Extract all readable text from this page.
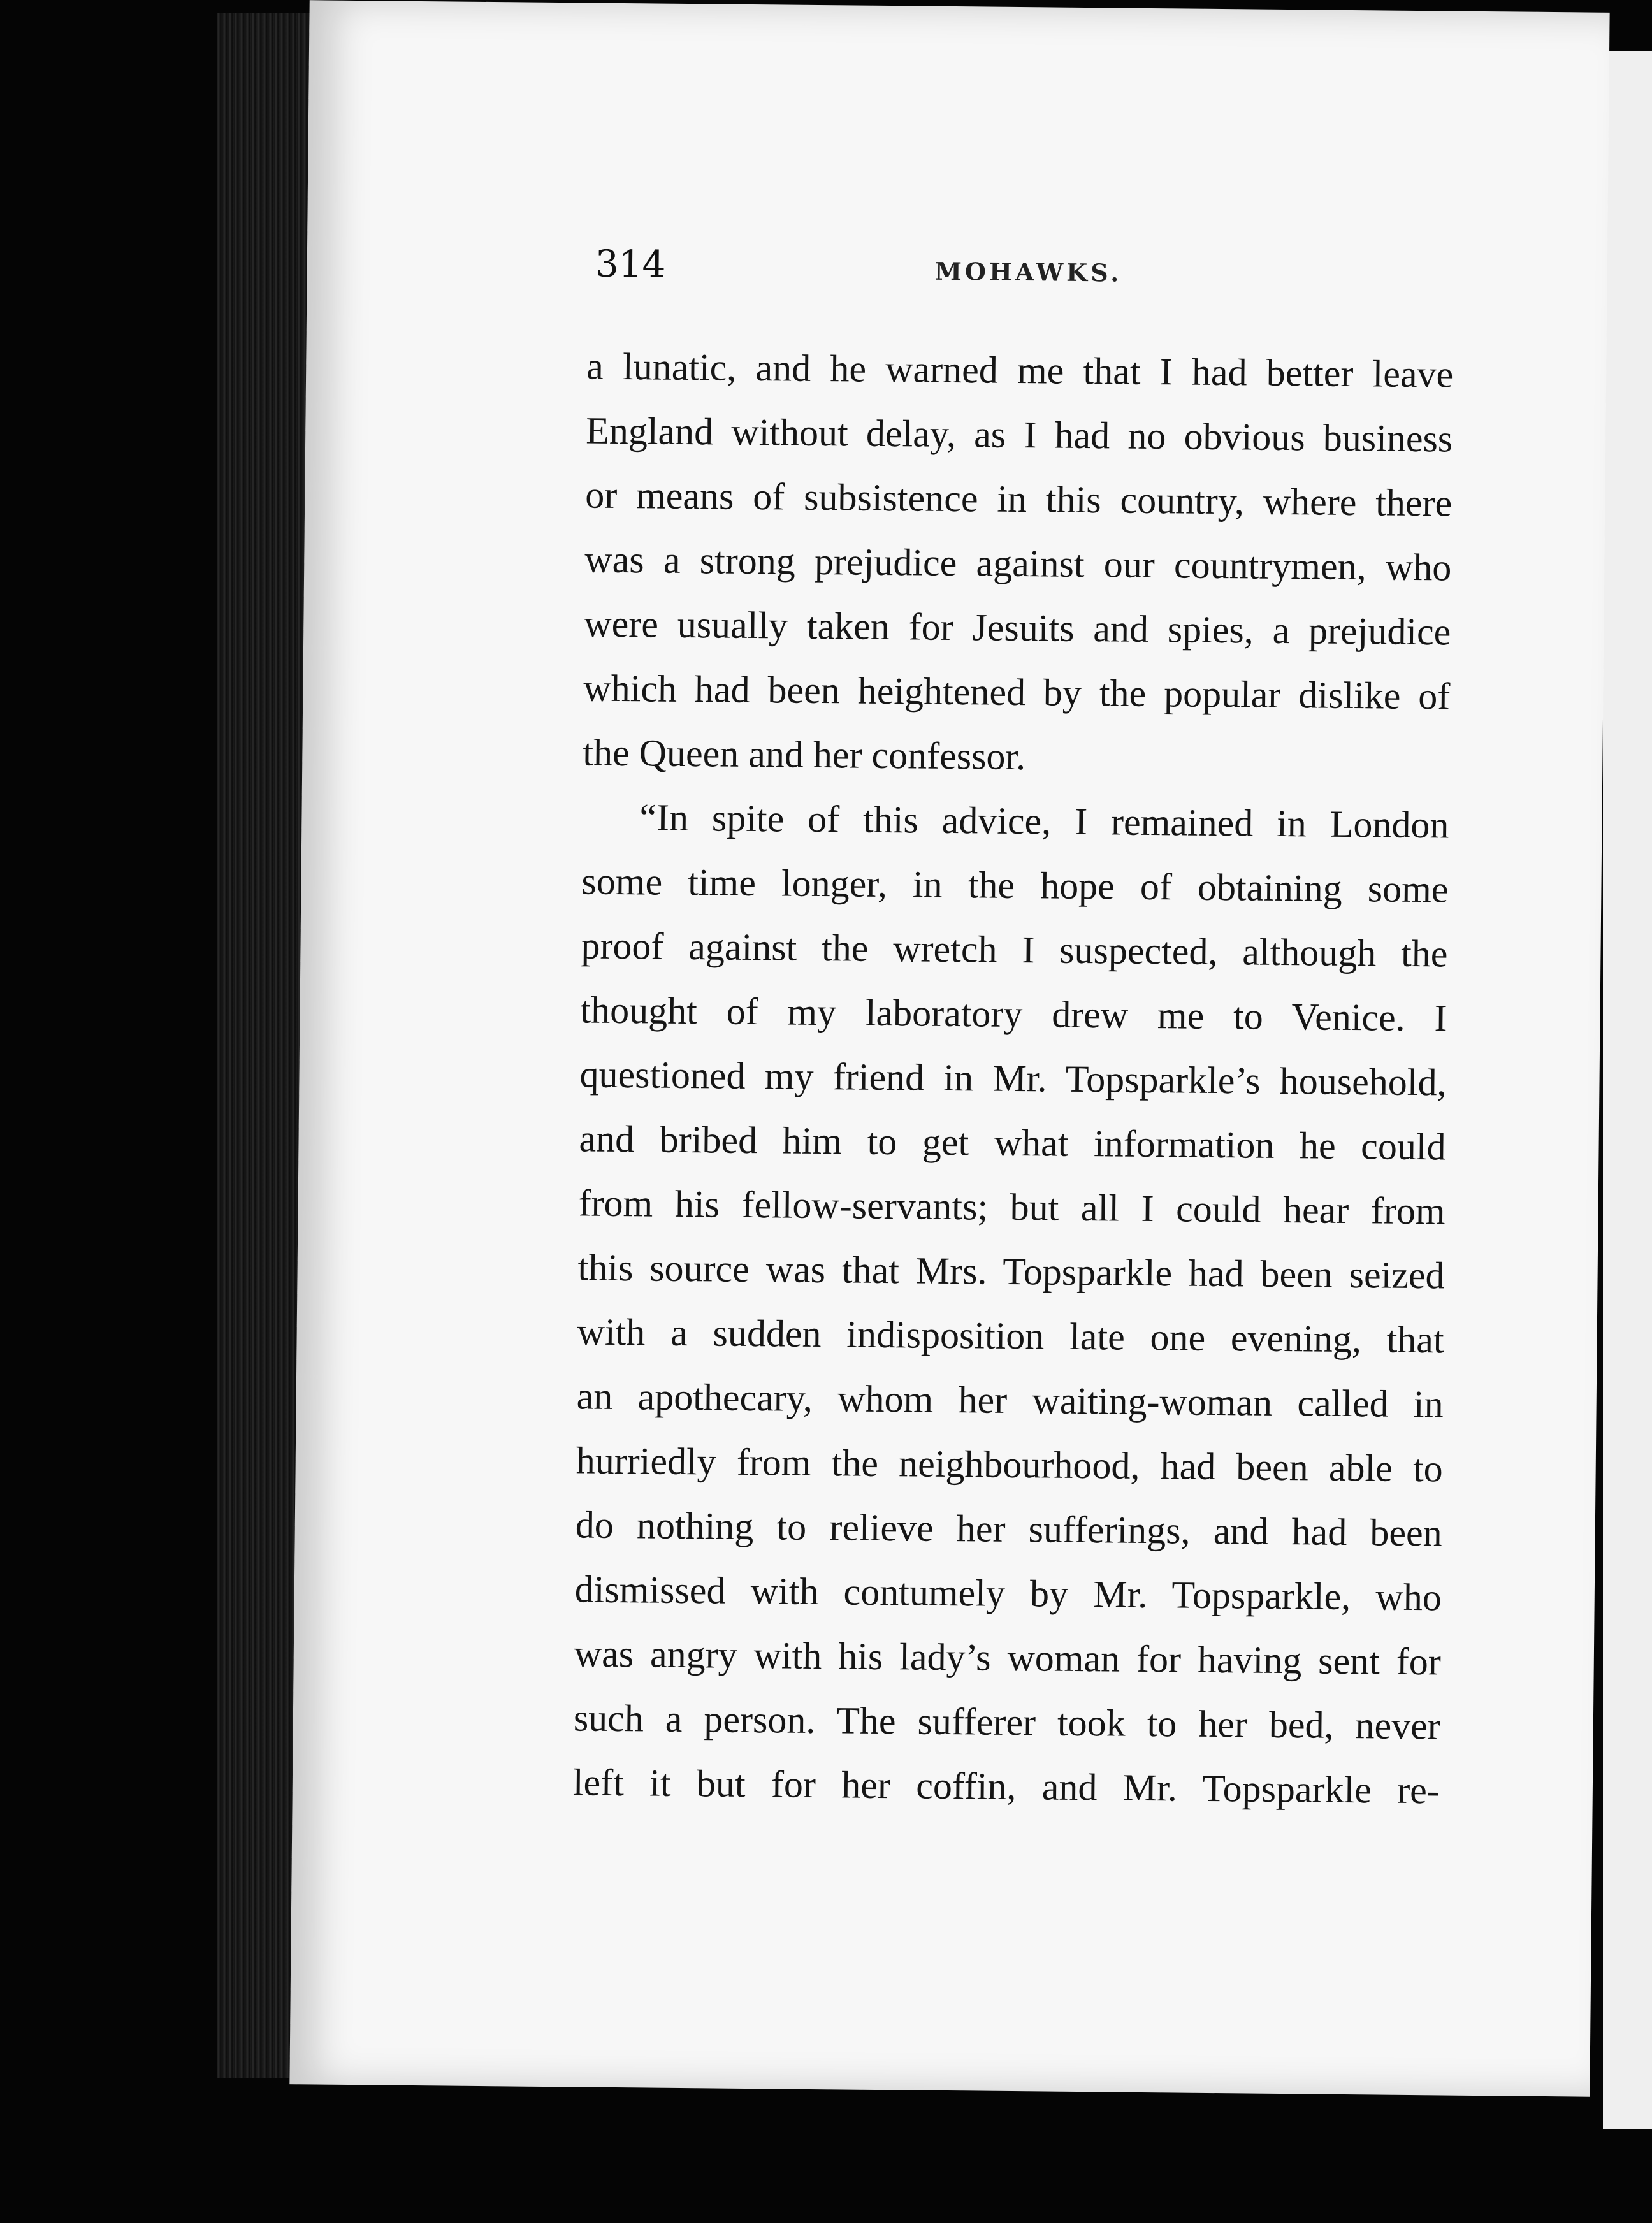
314	MOHAWKS.
a lunatic, and he warned me that I had better leave
England without delay, as I had no obvious business
or means of subsistence in this country, where there
was a strong prejudice against our countrymen, who
were usually taken for Jesuits and spies, a prejudice
which had been heightened by the popular dislike of
the Queen and her confessor.
“In spite of this advice, I remained in London
some time longer, in the hope of obtaining some
proof against the wretch I suspected, although the
thought of my laboratory drew me to Venice. I
questioned my friend in Mr. Topsparkle’s household,
and bribed him to get what information he could
from his fellow-servants; but all I could hear from
this source was that Mrs. Topsparkle had been seized
with a sudden indisposition late one evening, that
an apothecary, whom her waiting-woman called in
hurriedly from the neighbourhood, had been able to
do nothing to relieve her sufferings, and had been
dismissed with contumely by Mr. Topsparkle, who
was angry with his lady’s woman for having sent for
such a person. The sufferer took to her bed, never
left it but for her coffin, and Mr. Topsparkle re-
